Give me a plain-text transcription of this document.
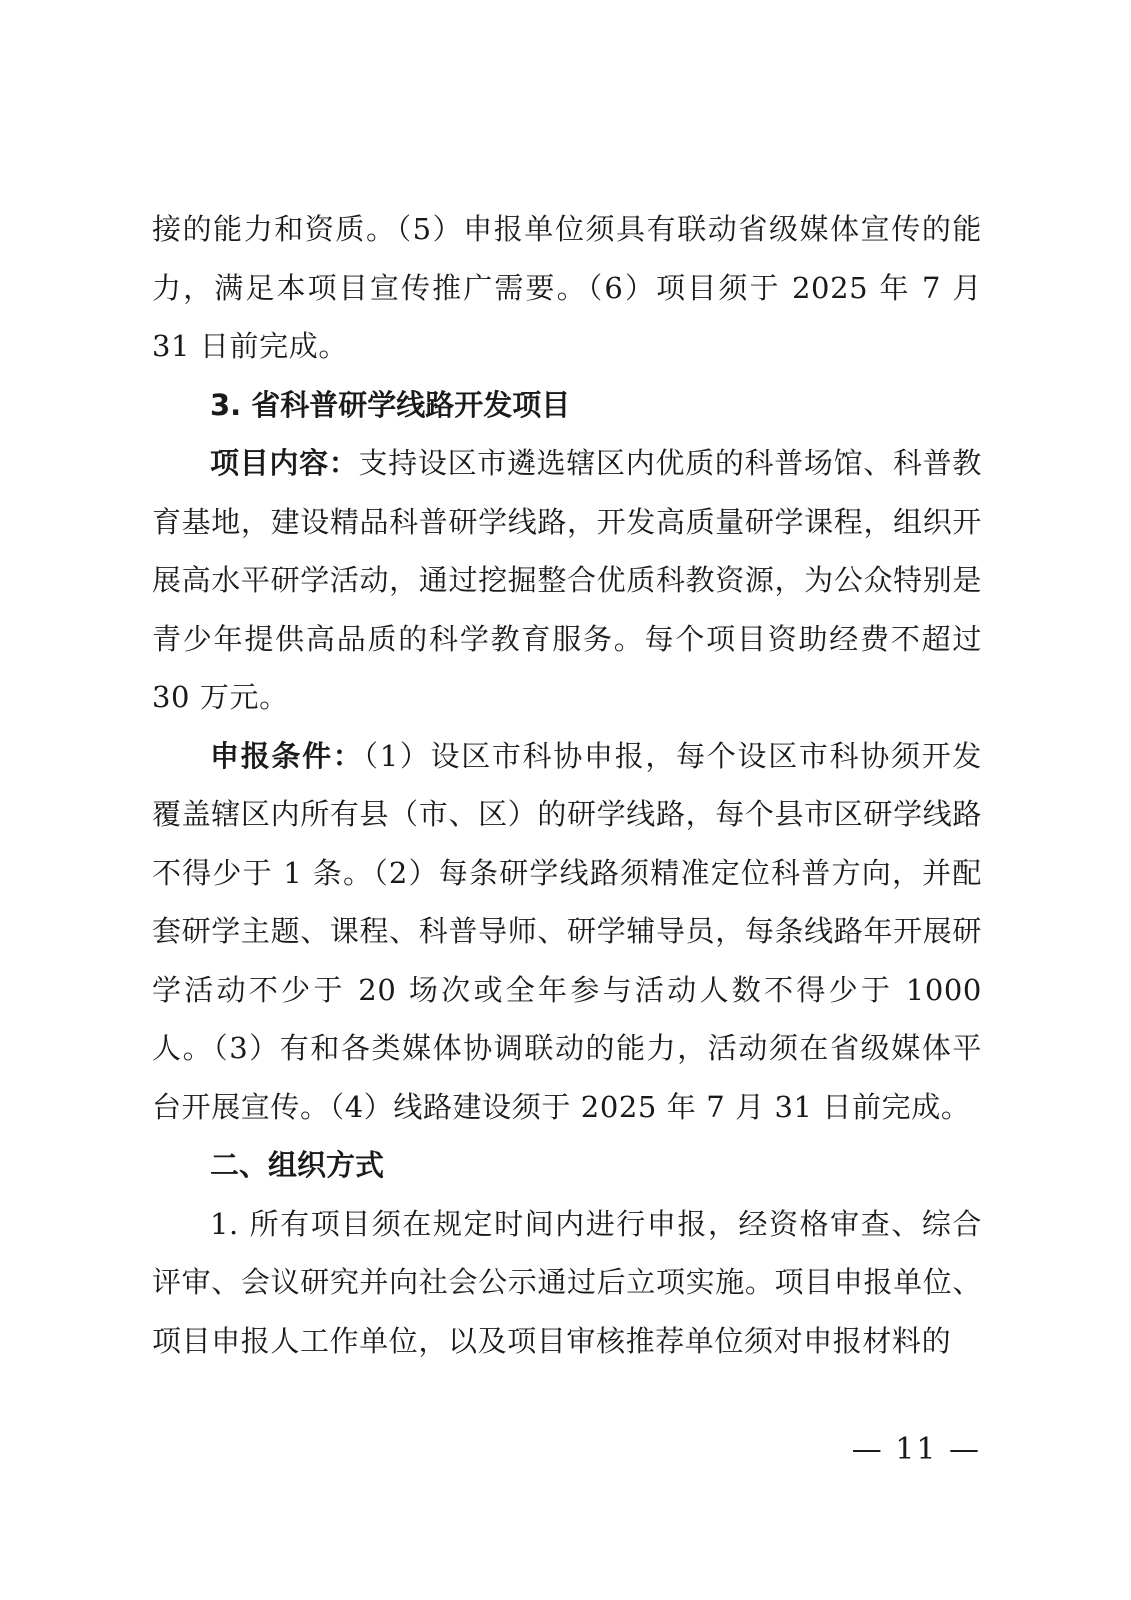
接的能力和资质。（5）申报单位须具有联动省级媒体宣传的能力，满足本项目宣传推广需要。（6）项目须于 2025 年 7 月 31 日前完成。

3. 省科普研学线路开发项目

项目内容：支持设区市遴选辖区内优质的科普场馆、科普教育基地，建设精品科普研学线路，开发高质量研学课程，组织开展高水平研学活动，通过挖掘整合优质科教资源，为公众特别是青少年提供高品质的科学教育服务。每个项目资助经费不超过 30 万元。

申报条件：（1）设区市科协申报，每个设区市科协须开发覆盖辖区内所有县（市、区）的研学线路，每个县市区研学线路不得少于 1 条。（2）每条研学线路须精准定位科普方向，并配套研学主题、课程、科普导师、研学辅导员，每条线路年开展研学活动不少于 20 场次或全年参与活动人数不得少于 1000 人。（3）有和各类媒体协调联动的能力，活动须在省级媒体平台开展宣传。（4）线路建设须于 2025 年 7 月 31 日前完成。

二、组织方式

1. 所有项目须在规定时间内进行申报，经资格审查、综合评审、会议研究并向社会公示通过后立项实施。项目申报单位、项目申报人工作单位，以及项目审核推荐单位须对申报材料的

— 11 —
